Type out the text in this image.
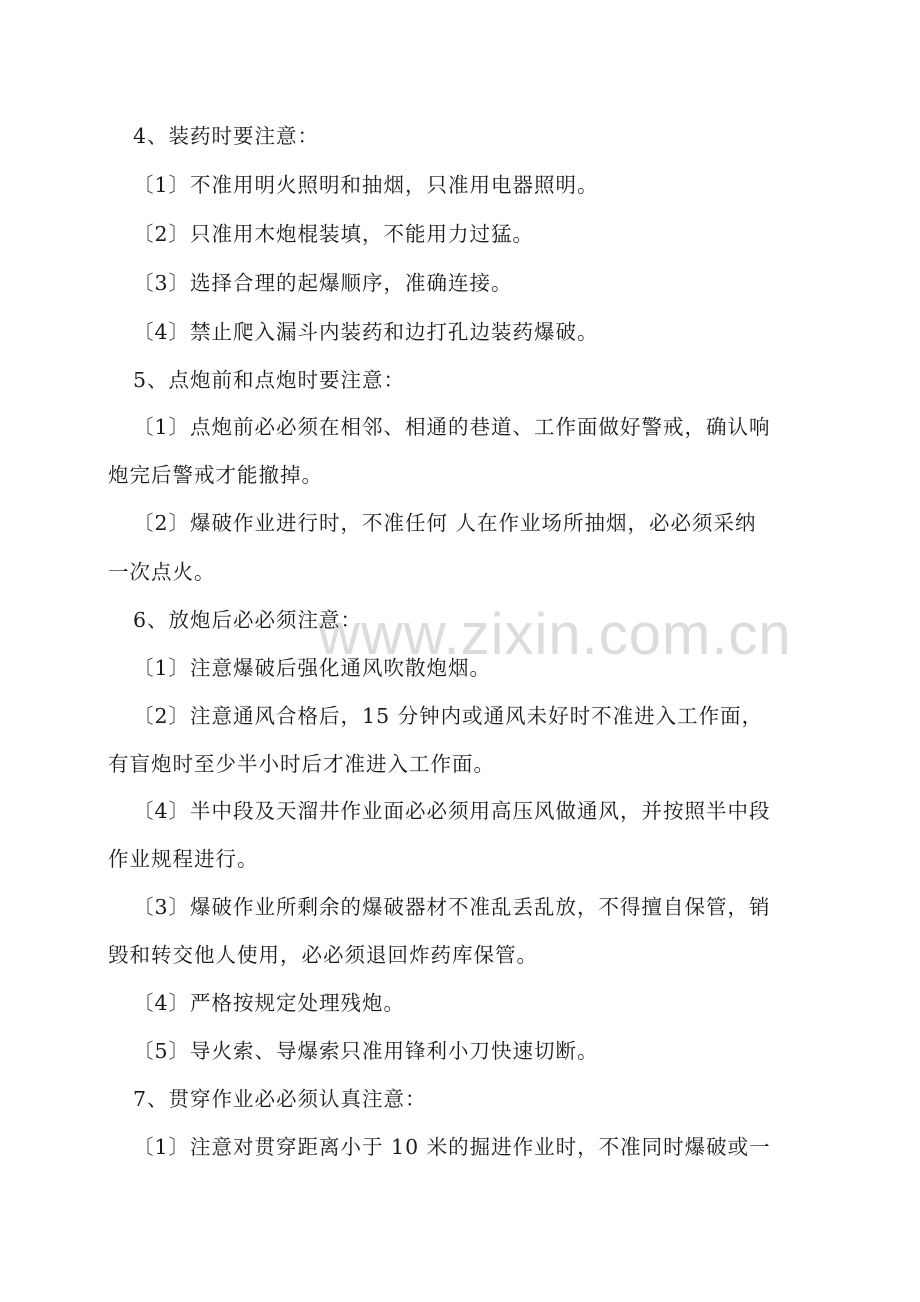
www.zixin.com.cn
4、装药时要注意：
〔1〕不准用明火照明和抽烟，只准用电器照明。
〔2〕只准用木炮棍装填，不能用力过猛。
〔3〕选择合理的起爆顺序，准确连接。
〔4〕禁止爬入漏斗内装药和边打孔边装药爆破。
5、点炮前和点炮时要注意：
〔1〕点炮前必必须在相邻、相通的巷道、工作面做好警戒，确认响
炮完后警戒才能撤掉。
〔2〕爆破作业进行时，不准任何 人在作业场所抽烟，必必须采纳
一次点火。
6、放炮后必必须注意：
〔1〕注意爆破后强化通风吹散炮烟。
〔2〕注意通风合格后，15 分钟内或通风未好时不准进入工作面，
有盲炮时至少半小时后才准进入工作面。
〔4〕半中段及天溜井作业面必必须用高压风做通风，并按照半中段
作业规程进行。
〔3〕爆破作业所剩余的爆破器材不准乱丢乱放，不得擅自保管，销
毁和转交他人使用，必必须退回炸药库保管。
〔4〕严格按规定处理残炮。
〔5〕导火索、导爆索只准用锋利小刀快速切断。
7、贯穿作业必必须认真注意：
〔1〕注意对贯穿距离小于 10 米的掘进作业时，不准同时爆破或一
